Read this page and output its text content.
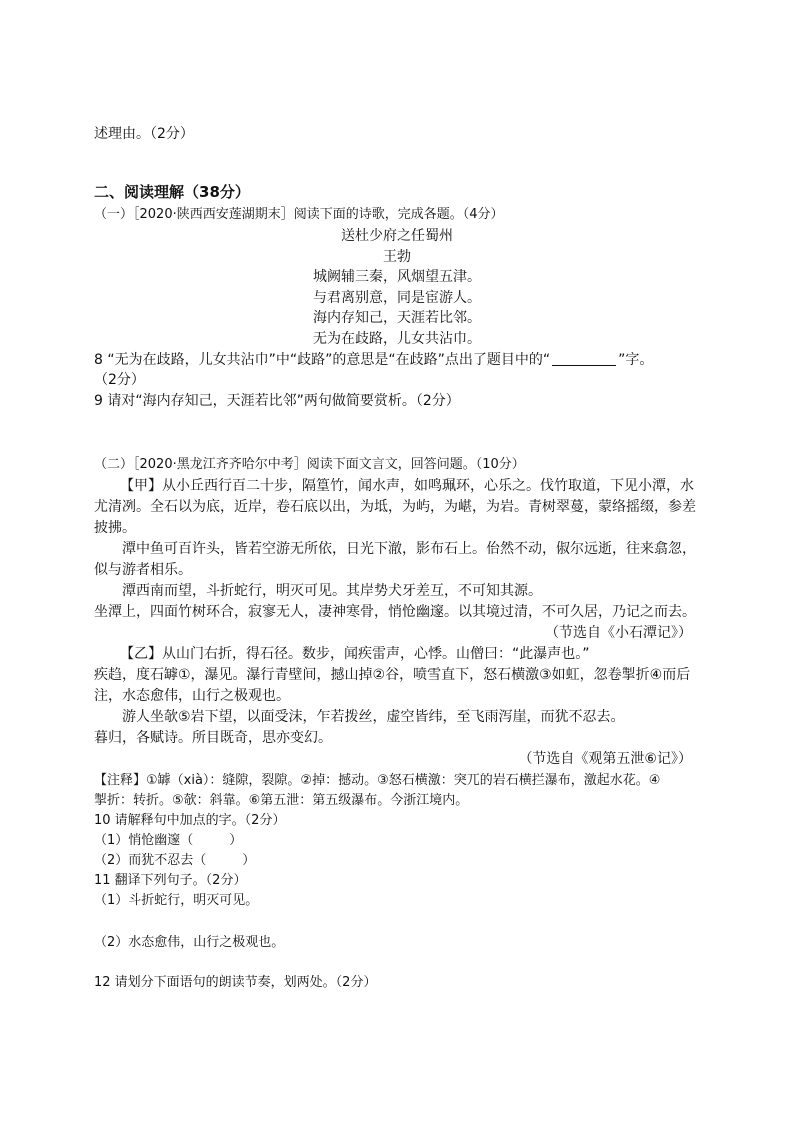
述理由。（2分）
二、阅读理解（38分）
（一）［2020·陕西西安莲湖期末］阅读下面的诗歌，完成各题。（4分）
送杜少府之任蜀州
王勃
城阙辅三秦，风烟望五津。
与君离别意，同是宦游人。
海内存知己，天涯若比邻。
无为在歧路，儿女共沾巾。
8 “无为在歧路，儿女共沾巾”中“歧路”的意思是“在歧路”点出了题目中的“	”字。
（2分）
9 请对“海内存知己，天涯若比邻”两句做简要赏析。（2分）
（二）［2020·黑龙江齐齐哈尔中考］阅读下面文言文，回答问题。（10分）
【甲】从小丘西行百二十步，隔篁竹，闻水声，如鸣珮环，心乐之。伐竹取道，下见小潭，水
尤清冽。全石以为底，近岸，卷石底以出，为坻，为屿，为嵁，为岩。青树翠蔓，蒙络摇缀，参差
披拂。
潭中鱼可百许头，皆若空游无所依，日光下澈，影布石上。佁然不动，俶尔远逝，往来翕忽，
似与游者相乐。
潭西南而望，斗折蛇行，明灭可见。其岸势犬牙差互，不可知其源。
坐潭上，四面竹树环合，寂寥无人，凄神寒骨，悄怆幽邃。以其境过清，不可久居，乃记之而去。
（节选自《小石潭记》）
【乙】从山门右折，得石径。数步，闻疾雷声，心悸。山僧曰：“此瀑声也。”
疾趋，度石罅①，瀑见。瀑行青壁间，撼山掉②谷，喷雪直下，怒石横激③如虹，忽卷掣折④而后
注，水态愈伟，山行之极观也。
游人坐欹⑤岩下望，以面受沫，乍若拨丝，虚空皆纬，至飞雨泻崖，而犹不忍去。
暮归，各赋诗。所目既奇，思亦变幻。
（节选自《观第五泄⑥记》）
【注释】①罅（xià）：缝隙，裂隙。②掉：撼动。③怒石横激：突兀的岩石横拦瀑布，激起水花。④
掣折：转折。⑤欹：斜靠。⑥第五泄：第五级瀑布。今浙江境内。
10 请解释句中加点的字。（2分）
（1）悄怆幽邃（	）
（2）而犹不忍去（	）
11 翻译下列句子。（2分）
（1）斗折蛇行，明灭可见。
（2）水态愈伟，山行之极观也。
12 请划分下面语句的朗读节奏，划两处。（2分）
